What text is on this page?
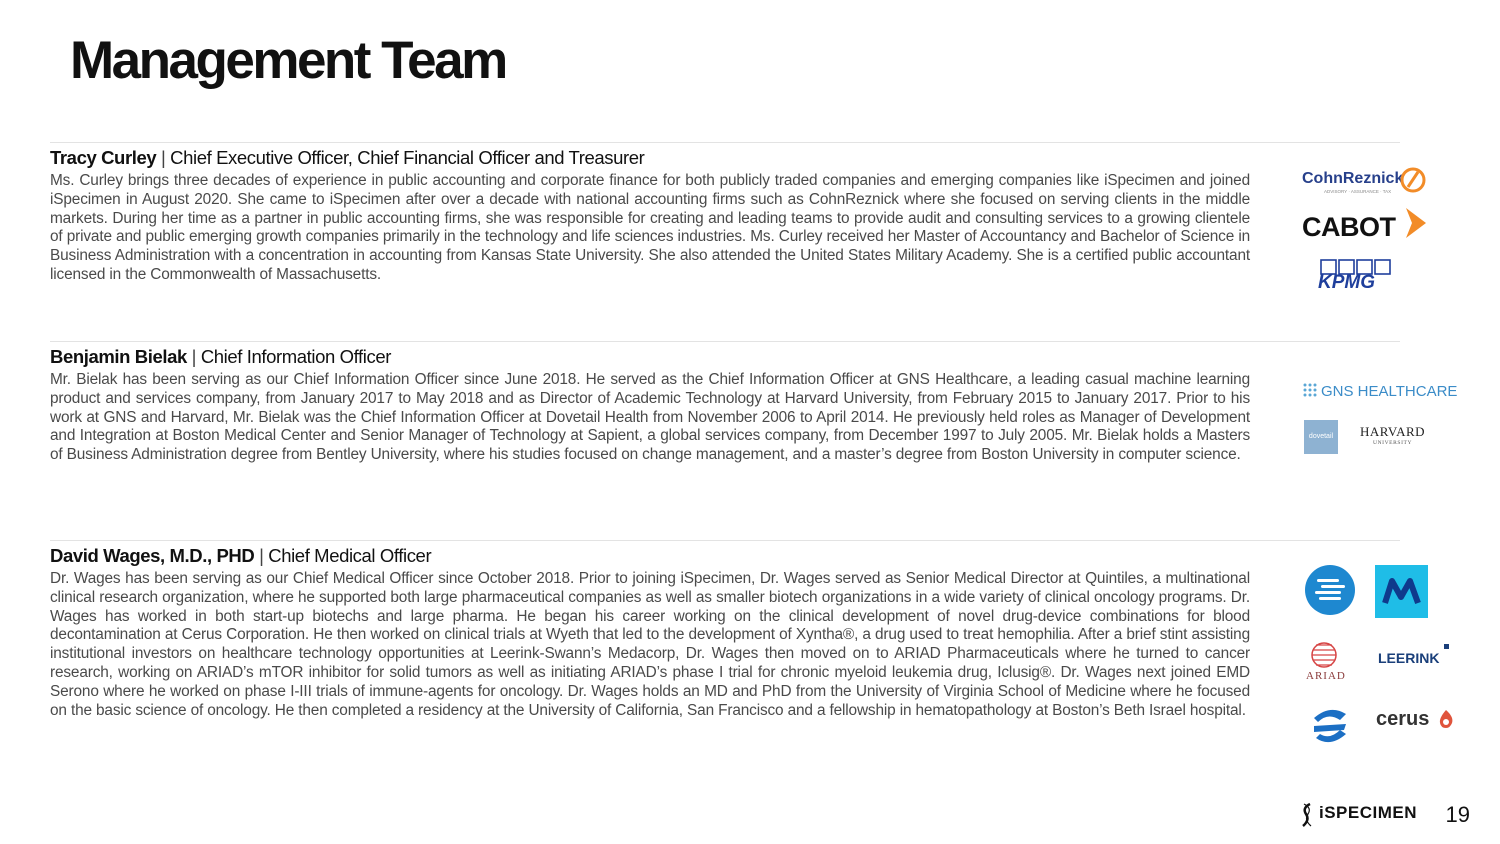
Management Team

Tracy Curley | Chief Executive Officer, Chief Financial Officer and Treasurer

Ms. Curley brings three decades of experience in public accounting and corporate finance for both publicly traded companies and emerging companies like iSpecimen and joined iSpecimen in August 2020. She came to iSpecimen after over a decade with national accounting firms such as CohnReznick where she focused on serving clients in the middle markets. During her time as a partner in public accounting firms, she was responsible for creating and leading teams to provide audit and consulting services to a growing clientele of private and public emerging growth companies primarily in the technology and life sciences industries. Ms. Curley received her Master of Accountancy and Bachelor of Science in Business Administration with a concentration in accounting from Kansas State University. She also attended the United States Military Academy. She is a certified public accountant licensed in the Commonwealth of Massachusetts.

CohnReznick
ADVISORY · ASSURANCE · TAX
CABOT
KPMG

Benjamin Bielak | Chief Information Officer

Mr. Bielak has been serving as our Chief Information Officer since June 2018. He served as the Chief Information Officer at GNS Healthcare, a leading casual machine learning product and services company, from January 2017 to May 2018 and as Director of Academic Technology at Harvard University, from February 2015 to January 2017. Prior to his work at GNS and Harvard, Mr. Bielak was the Chief Information Officer at Dovetail Health from November 2006 to April 2014. He previously held roles as Manager of Development and Integration at Boston Medical Center and Senior Manager of Technology at Sapient, a global services company, from December 1997 to July 2005. Mr. Bielak holds a Masters of Business Administration degree from Bentley University, where his studies focused on change management, and a master’s degree from Boston University in computer science.

GNS HEALTHCARE
dovetail	HARVARD
UNIVERSITY

David Wages, M.D., PHD | Chief Medical Officer

Dr. Wages has been serving as our Chief Medical Officer since October 2018. Prior to joining iSpecimen, Dr. Wages served as Senior Medical Director at Quintiles, a multinational clinical research organization, where he supported both large pharmaceutical companies as well as smaller biotech organizations in a wide variety of clinical oncology programs. Dr. Wages has worked in both start-up biotechs and large pharma. He began his career working on the clinical development of novel drug-device combinations for blood decontamination at Cerus Corporation. He then worked on clinical trials at Wyeth that led to the development of Xyntha®, a drug used to treat hemophilia. After a brief stint assisting institutional investors on healthcare technology opportunities at Leerink-Swann’s Medacorp, Dr. Wages then moved on to ARIAD Pharmaceuticals where he turned to cancer research, working on ARIAD’s mTOR inhibitor for solid tumors as well as initiating ARIAD’s phase I trial for chronic myeloid leukemia drug, Iclusig®. Dr. Wages next joined EMD Serono where he worked on phase I-III trials of immune-agents for oncology. Dr. Wages holds an MD and PhD from the University of Virginia School of Medicine where he focused on the basic science of oncology. He then completed a residency at the University of California, San Francisco and a fellowship in hematopathology at Boston’s Beth Israel hospital.

ARIAD
LEERINK
cerus
iSPECIMEN 19
